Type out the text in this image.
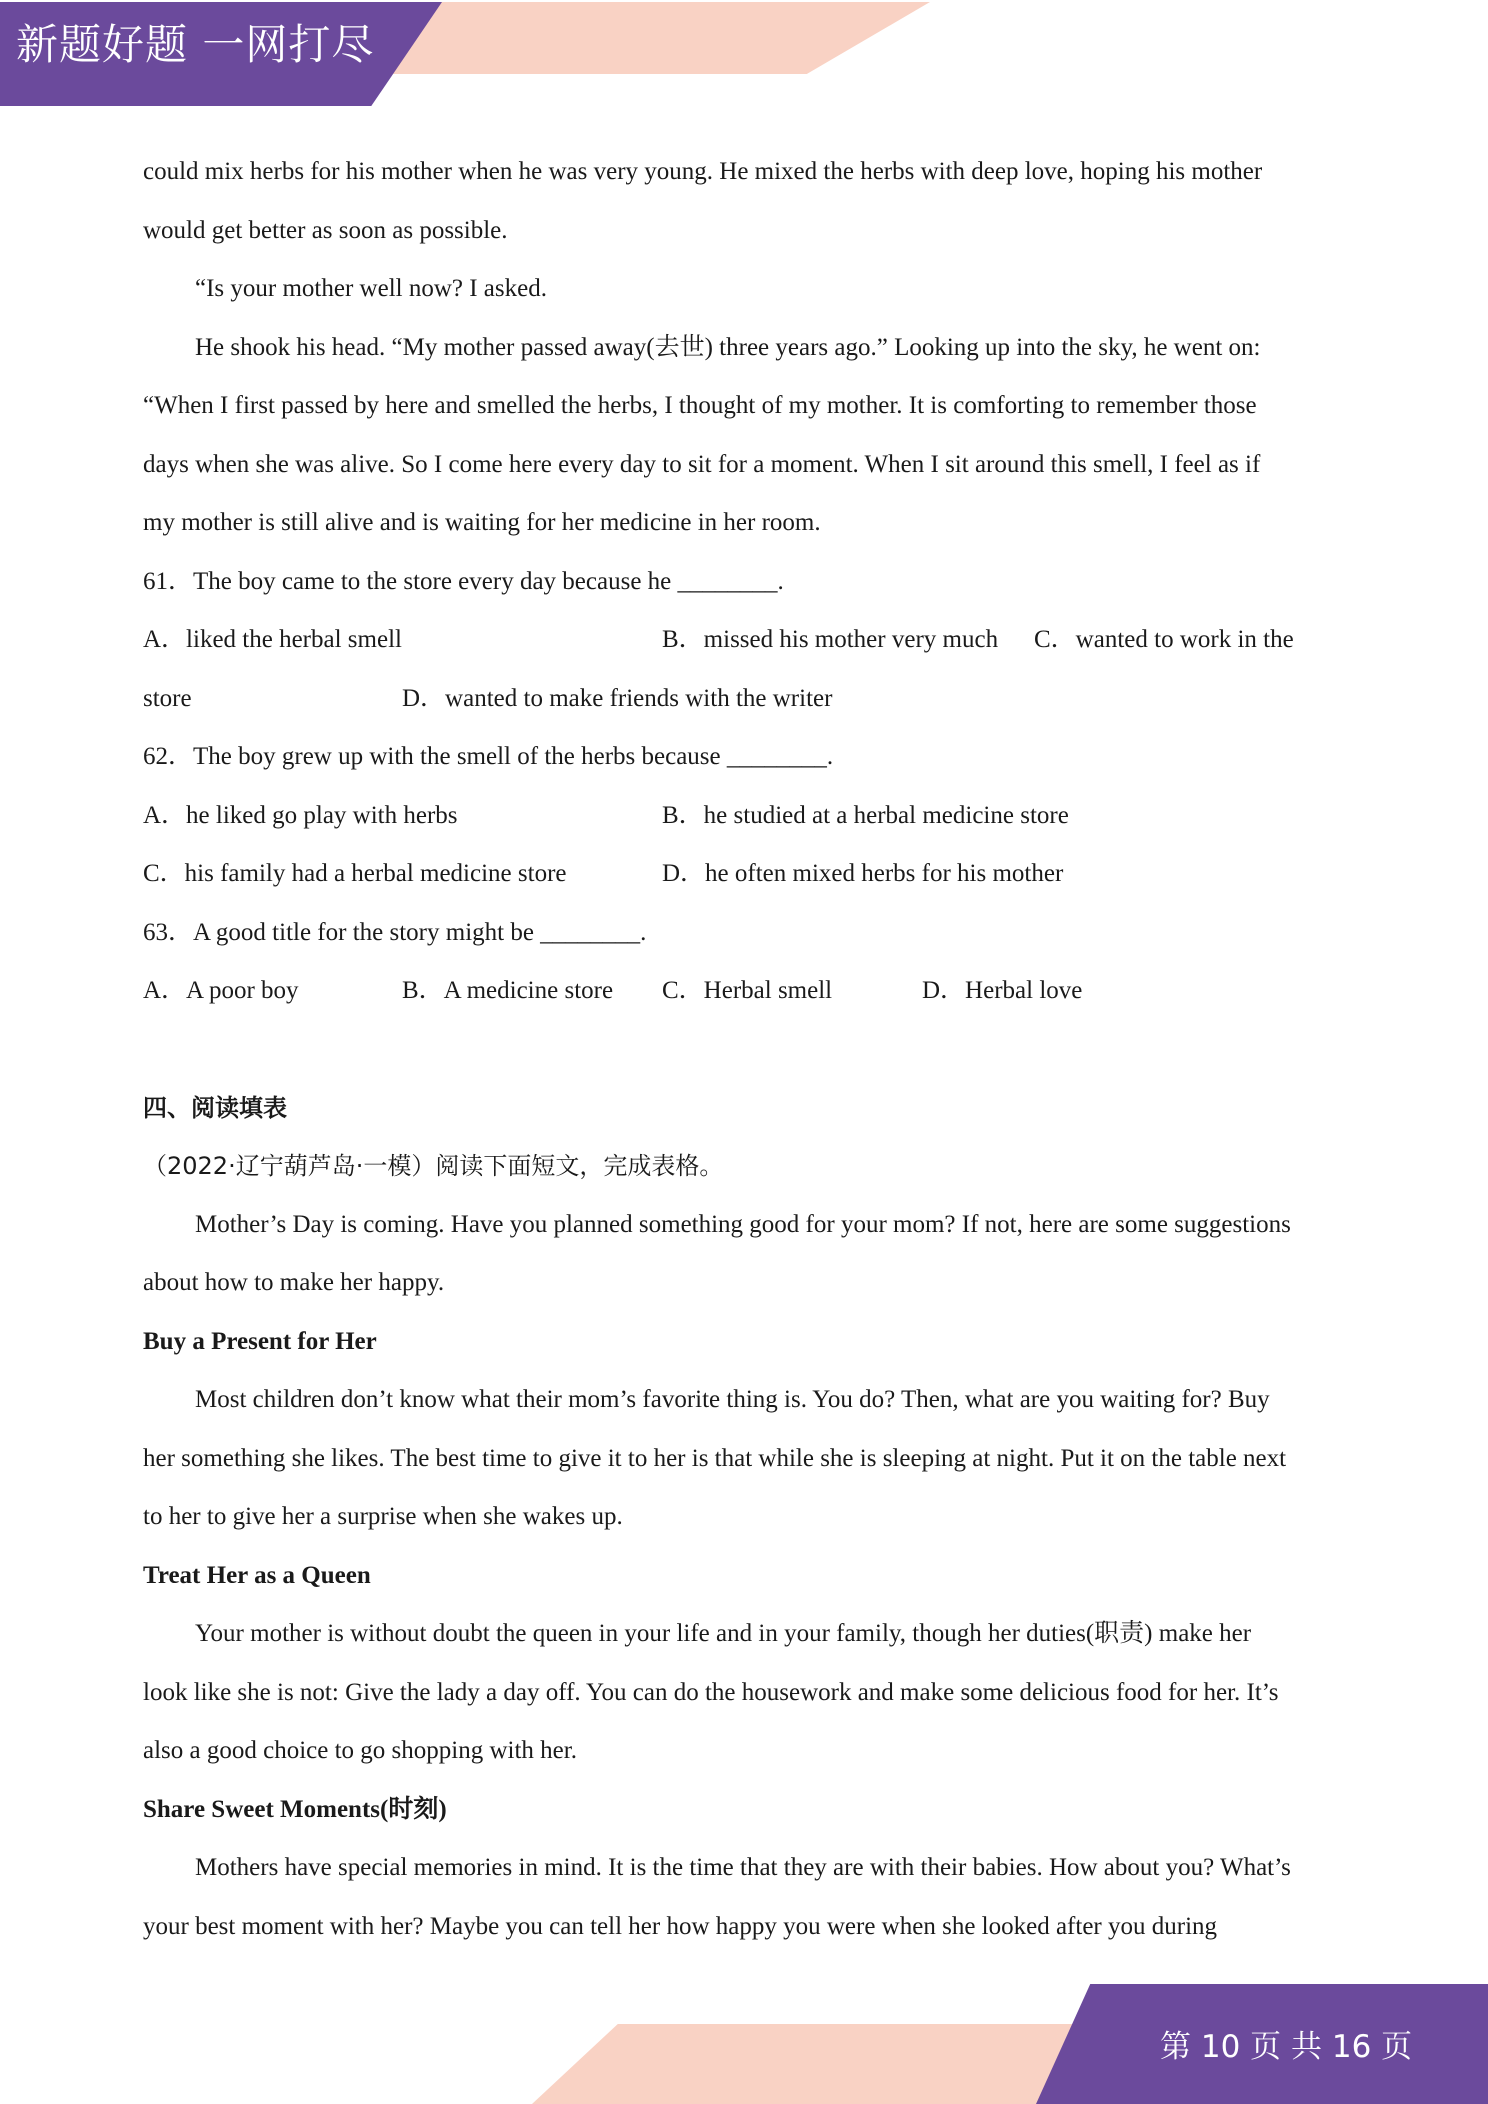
新题好题 一网打尽
could mix herbs for his mother when he was very young. He mixed the herbs with deep love, hoping his mother
would get better as soon as possible.
“Is your mother well now? I asked.
He shook his head. “My mother passed away(去世) three years ago.” Looking up into the sky, he went on:
“When I first passed by here and smelled the herbs, I thought of my mother. It is comforting to remember those
days when she was alive. So I come here every day to sit for a moment. When I sit around this smell, I feel as if
my mother is still alive and is waiting for her medicine in her room.
61．The boy came to the store every day because he ________.
A．liked the herbal smell	B．missed his mother very much C．wanted to work in the
store	D．wanted to make friends with the writer
62．The boy grew up with the smell of the herbs because ________.
A．he liked go play with herbs	B．he studied at a herbal medicine store
C．his family had a herbal medicine store	D．he often mixed herbs for his mother
63．A good title for the story might be ________.
A．A poor boy	B．A medicine store C．Herbal smell	D．Herbal love
四、阅读填表
（2022·辽宁葫芦岛·一模）阅读下面短文，完成表格。
Mother’s Day is coming. Have you planned something good for your mom? If not, here are some suggestions
about how to make her happy.
Buy a Present for Her
Most children don’t know what their mom’s favorite thing is. You do? Then, what are you waiting for? Buy
her something she likes. The best time to give it to her is that while she is sleeping at night. Put it on the table next
to her to give her a surprise when she wakes up.
Treat Her as a Queen
Your mother is without doubt the queen in your life and in your family, though her duties(职责) make her
look like she is not: Give the lady a day off. You can do the housework and make some delicious food for her. It’s
also a good choice to go shopping with her.
Share Sweet Moments(时刻)
Mothers have special memories in mind. It is the time that they are with their babies. How about you? What’s
your best moment with her? Maybe you can tell her how happy you were when she looked after you during
第 10 页 共 16 页
